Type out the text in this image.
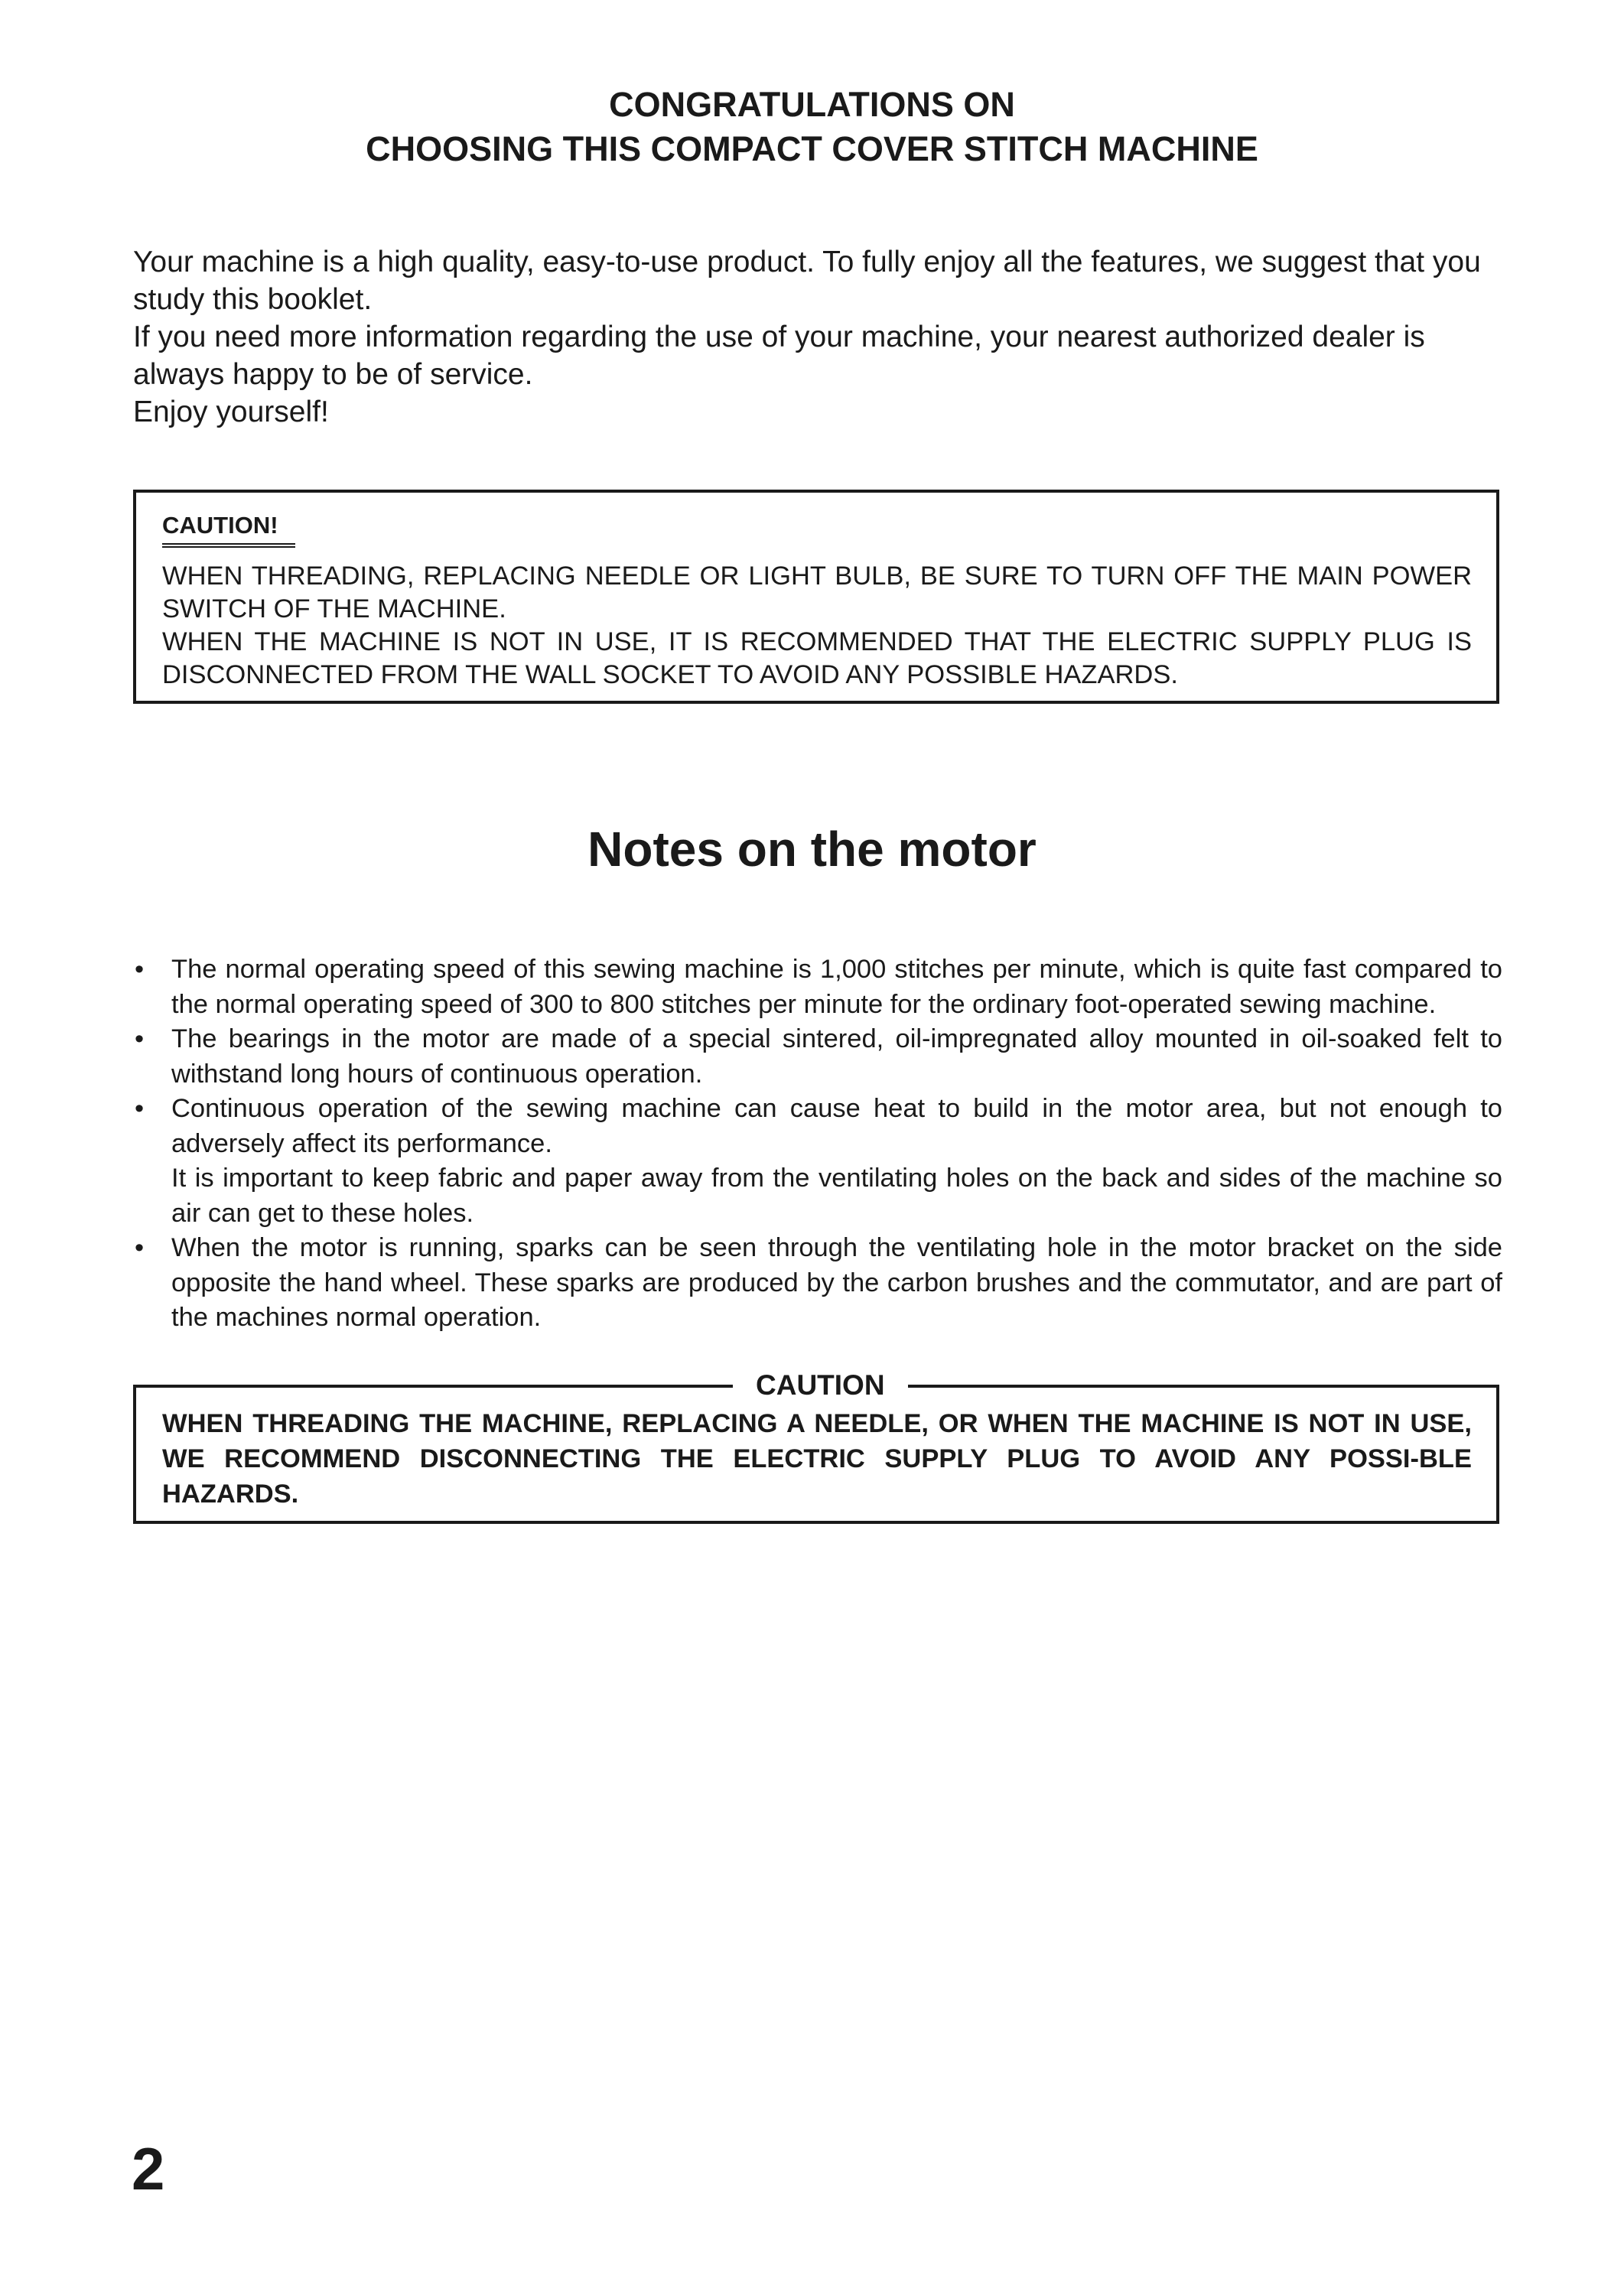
CONGRATULATIONS ON
CHOOSING THIS COMPACT COVER STITCH MACHINE

Your machine is a high quality, easy-to-use product. To fully enjoy all the features, we suggest that you study this booklet.

If you need more information regarding the use of your machine, your nearest authorized dealer is always happy to be of service.

Enjoy yourself!

CAUTION!

WHEN THREADING, REPLACING NEEDLE OR LIGHT BULB, BE SURE TO TURN OFF THE MAIN POWER SWITCH OF THE MACHINE.

WHEN THE MACHINE IS NOT IN USE, IT IS RECOMMENDED THAT THE ELECTRIC SUPPLY PLUG IS DISCONNECTED FROM THE WALL SOCKET TO AVOID ANY POSSIBLE HAZARDS.

Notes on the motor
•	The normal operating speed of this sewing machine is 1,000 stitches per minute, which is quite fast compared to the normal operating speed of 300 to 800 stitches per minute for the ordinary foot-operated sewing machine.

•	The bearings in the motor are made of a special sintered, oil-impregnated alloy mounted in oil-soaked felt to withstand long hours of continuous operation.

•	Continuous operation of the sewing machine can cause heat to build in the motor area, but not enough to adversely affect its performance.

It is important to keep fabric and paper away from the ventilating holes on the back and sides of the machine so air can get to these holes.

•	When the motor is running, sparks can be seen through the ventilating hole in the motor bracket on the side opposite the hand wheel. These sparks are produced by the carbon brushes and the commutator, and are part of the machines normal operation.

CAUTION
WHEN THREADING THE MACHINE, REPLACING A NEEDLE, OR WHEN THE MACHINE IS NOT IN USE, WE RECOMMEND DISCONNECTING THE ELECTRIC SUPPLY PLUG TO AVOID ANY POSSI-BLE HAZARDS.
2
